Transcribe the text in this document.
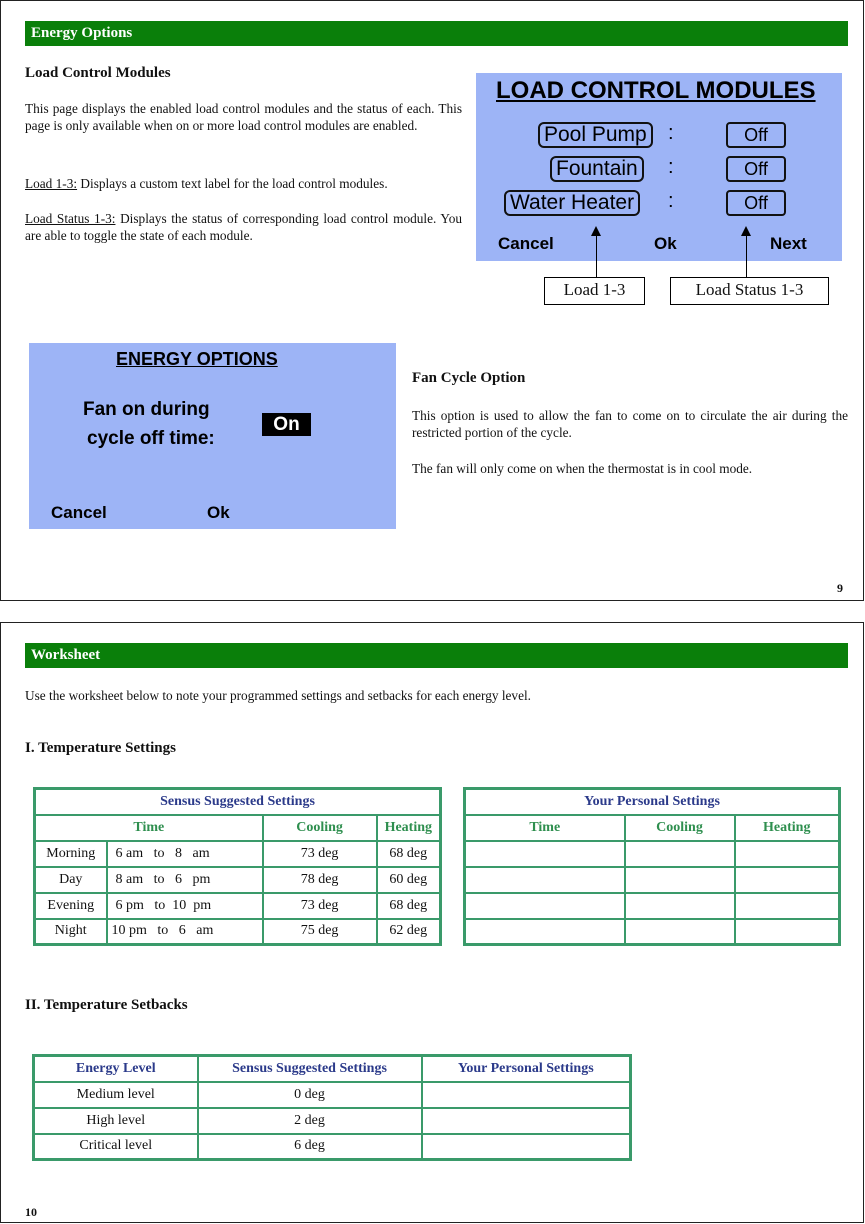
Energy Options
Load Control Modules
This page displays the enabled load control modules and the status of each. This page is only available when on or more load control modules are enabled.
Load 1-3: Displays a custom text label for the load control modules.
Load Status 1-3: Displays the status of corresponding load control module. You are able to toggle the state of each module.
LOAD CONTROL MODULES
Pool Pump	:	Off
Fountain	:	Off
Water Heater	:	Off
Cancel	Ok	Next
Load 1-3	Load Status 1-3
ENERGY OPTIONS
Fan on during
cycle off time:
On
Cancel	Ok
Fan Cycle Option
This option is used to allow the fan to come on to circulate the air during the restricted portion of the cycle.
The fan will only come on when the thermostat is in cool mode.
9
Worksheet
Use the worksheet below to note your programmed settings and setbacks for each energy level.
I. Temperature Settings
Sensus Suggested Settings			
Time		Cooling	Heating
Morning	6 am to 8 am	73 deg	68 deg
Day	8 am to 6 pm	78 deg	60 deg
Evening	6 pm to 10 pm	73 deg	68 deg
Night	10 pm to 6 am	75 deg	62 deg
Your Personal Settings		
Time	Cooling	Heating

II. Temperature Setbacks
Energy Level	Sensus Suggested Settings	Your Personal Settings
Medium level	0 deg	
High level	2 deg	
Critical level	6 deg	
10
